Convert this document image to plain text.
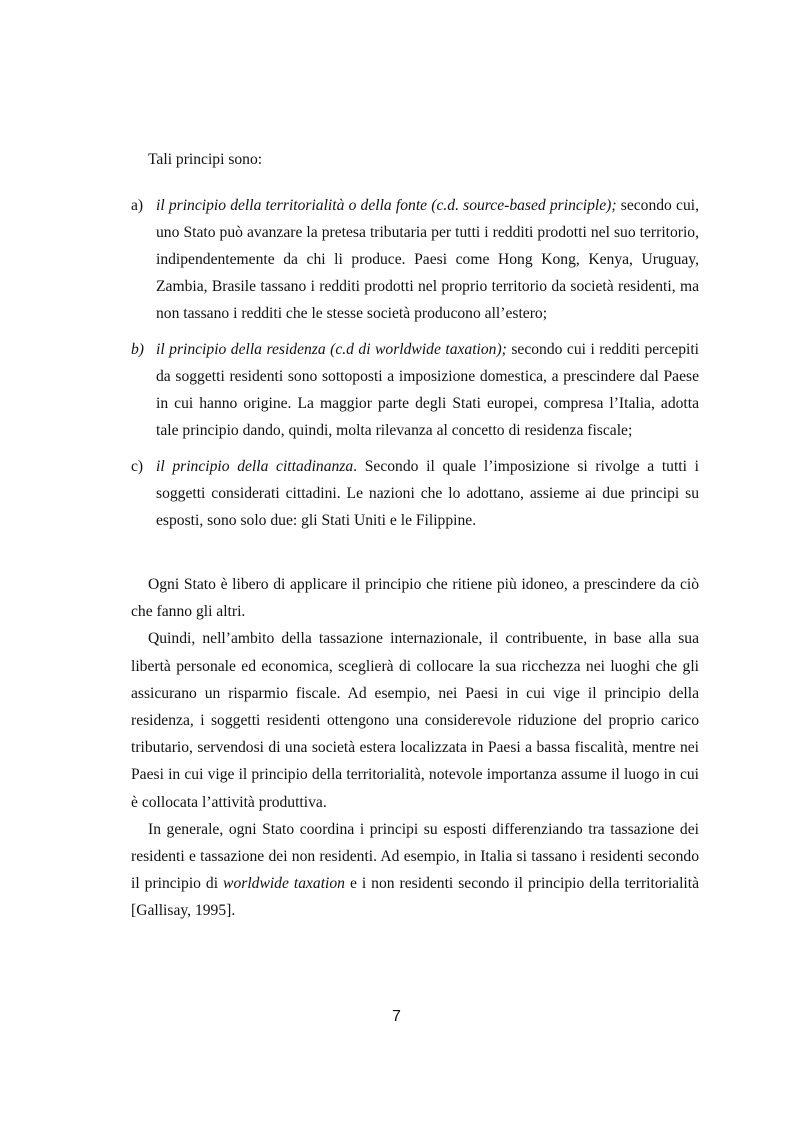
Tali principi sono:

a) il principio della territorialità o della fonte (c.d. source-based principle); secondo cui, uno Stato può avanzare la pretesa tributaria per tutti i redditi prodotti nel suo territorio, indipendentemente da chi li produce. Paesi come Hong Kong, Kenya, Uruguay, Zambia, Brasile tassano i redditi prodotti nel proprio territorio da società residenti, ma non tassano i redditi che le stesse società producono all’estero;
b) il principio della residenza (c.d di worldwide taxation); secondo cui i redditi percepiti da soggetti residenti sono sottoposti a imposizione domestica, a prescindere dal Paese in cui hanno origine. La maggior parte degli Stati europei, compresa l’Italia, adotta tale principio dando, quindi, molta rilevanza al concetto di residenza fiscale;
c) il principio della cittadinanza. Secondo il quale l’imposizione si rivolge a tutti i soggetti considerati cittadini. Le nazioni che lo adottano, assieme ai due principi su esposti, sono solo due: gli Stati Uniti e le Filippine.

Ogni Stato è libero di applicare il principio che ritiene più idoneo, a prescindere da ciò che fanno gli altri.

Quindi, nell’ambito della tassazione internazionale, il contribuente, in base alla sua libertà personale ed economica, sceglierà di collocare la sua ricchezza nei luoghi che gli assicurano un risparmio fiscale. Ad esempio, nei Paesi in cui vige il principio della residenza, i soggetti residenti ottengono una considerevole riduzione del proprio carico tributario, servendosi di una società estera localizzata in Paesi a bassa fiscalità, mentre nei Paesi in cui vige il principio della territorialità, notevole importanza assume il luogo in cui è collocata l’attività produttiva.

In generale, ogni Stato coordina i principi su esposti differenziando tra tassazione dei residenti e tassazione dei non residenti. Ad esempio, in Italia si tassano i residenti secondo il principio di worldwide taxation e i non residenti secondo il principio della territorialità [Gallisay, 1995].

7
